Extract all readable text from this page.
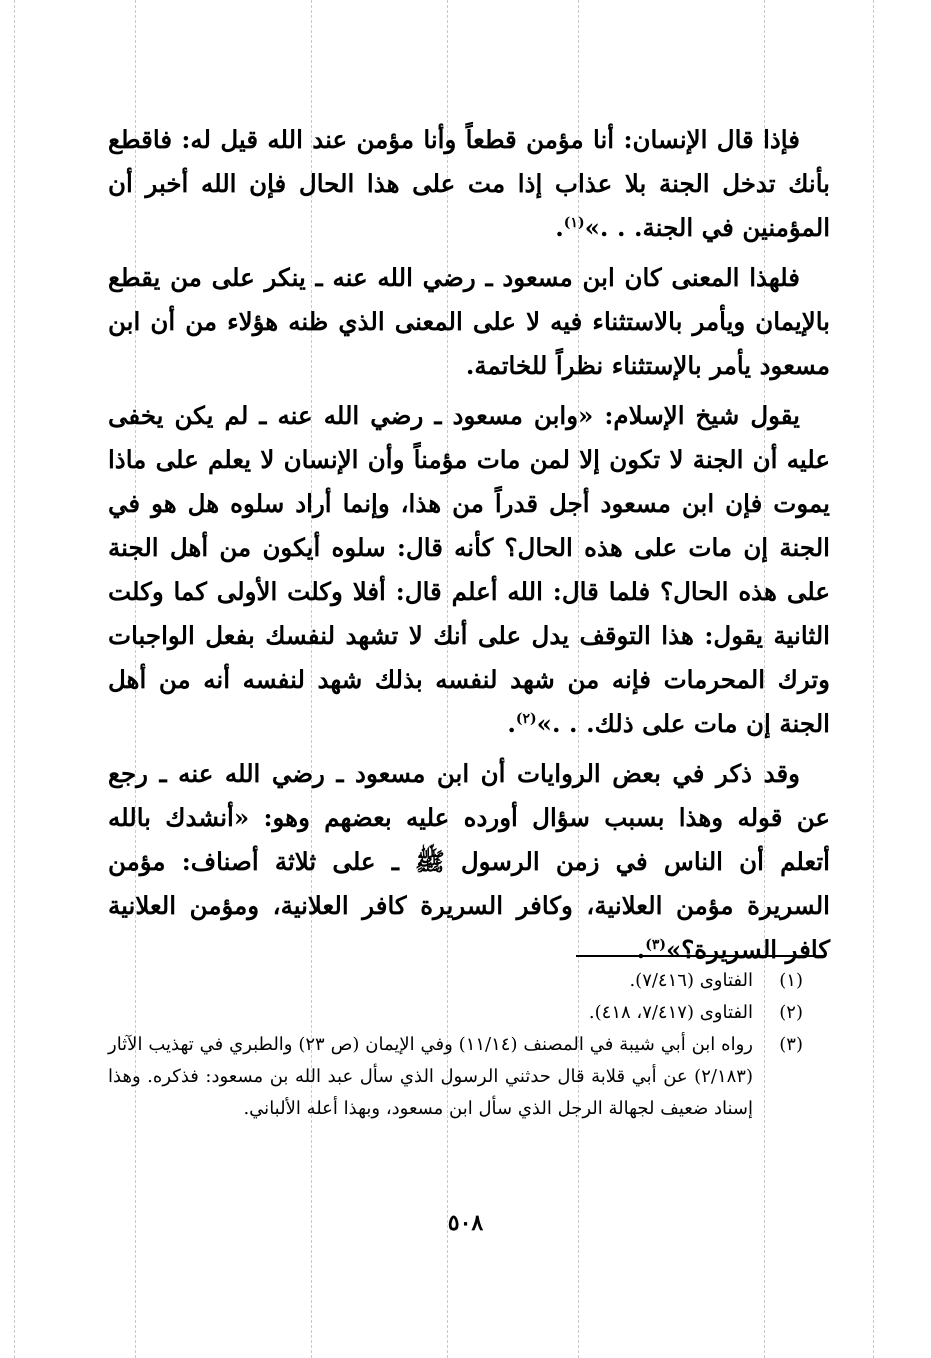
فإذا قال الإنسان: أنا مؤمن قطعاً وأنا مؤمن عند الله قيل له: فاقطع بأنك تدخل الجنة بلا عذاب إذا مت على هذا الحال فإن الله أخبر أن المؤمنين في الجنة. . .»$^{(١)}$.

فلهذا المعنى كان ابن مسعود ـ رضي الله عنه ـ ينكر على من يقطع بالإيمان ويأمر بالاستثناء فيه لا على المعنى الذي ظنه هؤلاء من أن ابن مسعود يأمر بالإستثناء نظراً للخاتمة.

يقول شيخ الإسلام: «وابن مسعود ـ رضي الله عنه ـ لم يكن يخفى عليه أن الجنة لا تكون إلا لمن مات مؤمناً وأن الإنسان لا يعلم على ماذا يموت فإن ابن مسعود أجل قدراً من هذا، وإنما أراد سلوه هل هو في الجنة إن مات على هذه الحال؟ كأنه قال: سلوه أيكون من أهل الجنة على هذه الحال؟ فلما قال: الله أعلم قال: أفلا وكلت الأولى كما وكلت الثانية يقول: هذا التوقف يدل على أنك لا تشهد لنفسك بفعل الواجبات وترك المحرمات فإنه من شهد لنفسه بذلك شهد لنفسه أنه من أهل الجنة إن مات على ذلك. . .»$^{(٢)}$.

وقد ذكر في بعض الروايات أن ابن مسعود ـ رضي الله عنه ـ رجع عن قوله وهذا بسبب سؤال أورده عليه بعضهم وهو: «أنشدك بالله أتعلم أن الناس في زمن الرسول ﷺ ـ على ثلاثة أصناف: مؤمن السريرة مؤمن العلانية، وكافر السريرة كافر العلانية، ومؤمن العلانية كافر السريرة؟»$^{(٣)}$.

(١)
الفتاوى (٧/٤١٦).
(٢)
الفتاوى (٧/٤١٧، ٤١٨).
(٣)
رواه ابن أبي شيبة في المصنف (١١/١٤) وفي الإيمان (ص ٢٣) والطبري في تهذيب الآثار (٢/١٨٣) عن أبي قلابة قال حدثني الرسول الذي سأل عبد الله بن مسعود: فذكره. وهذا إسناد ضعيف لجهالة الرجل الذي سأل ابن مسعود، وبهذا أعله الألباني.
٥٠٨
